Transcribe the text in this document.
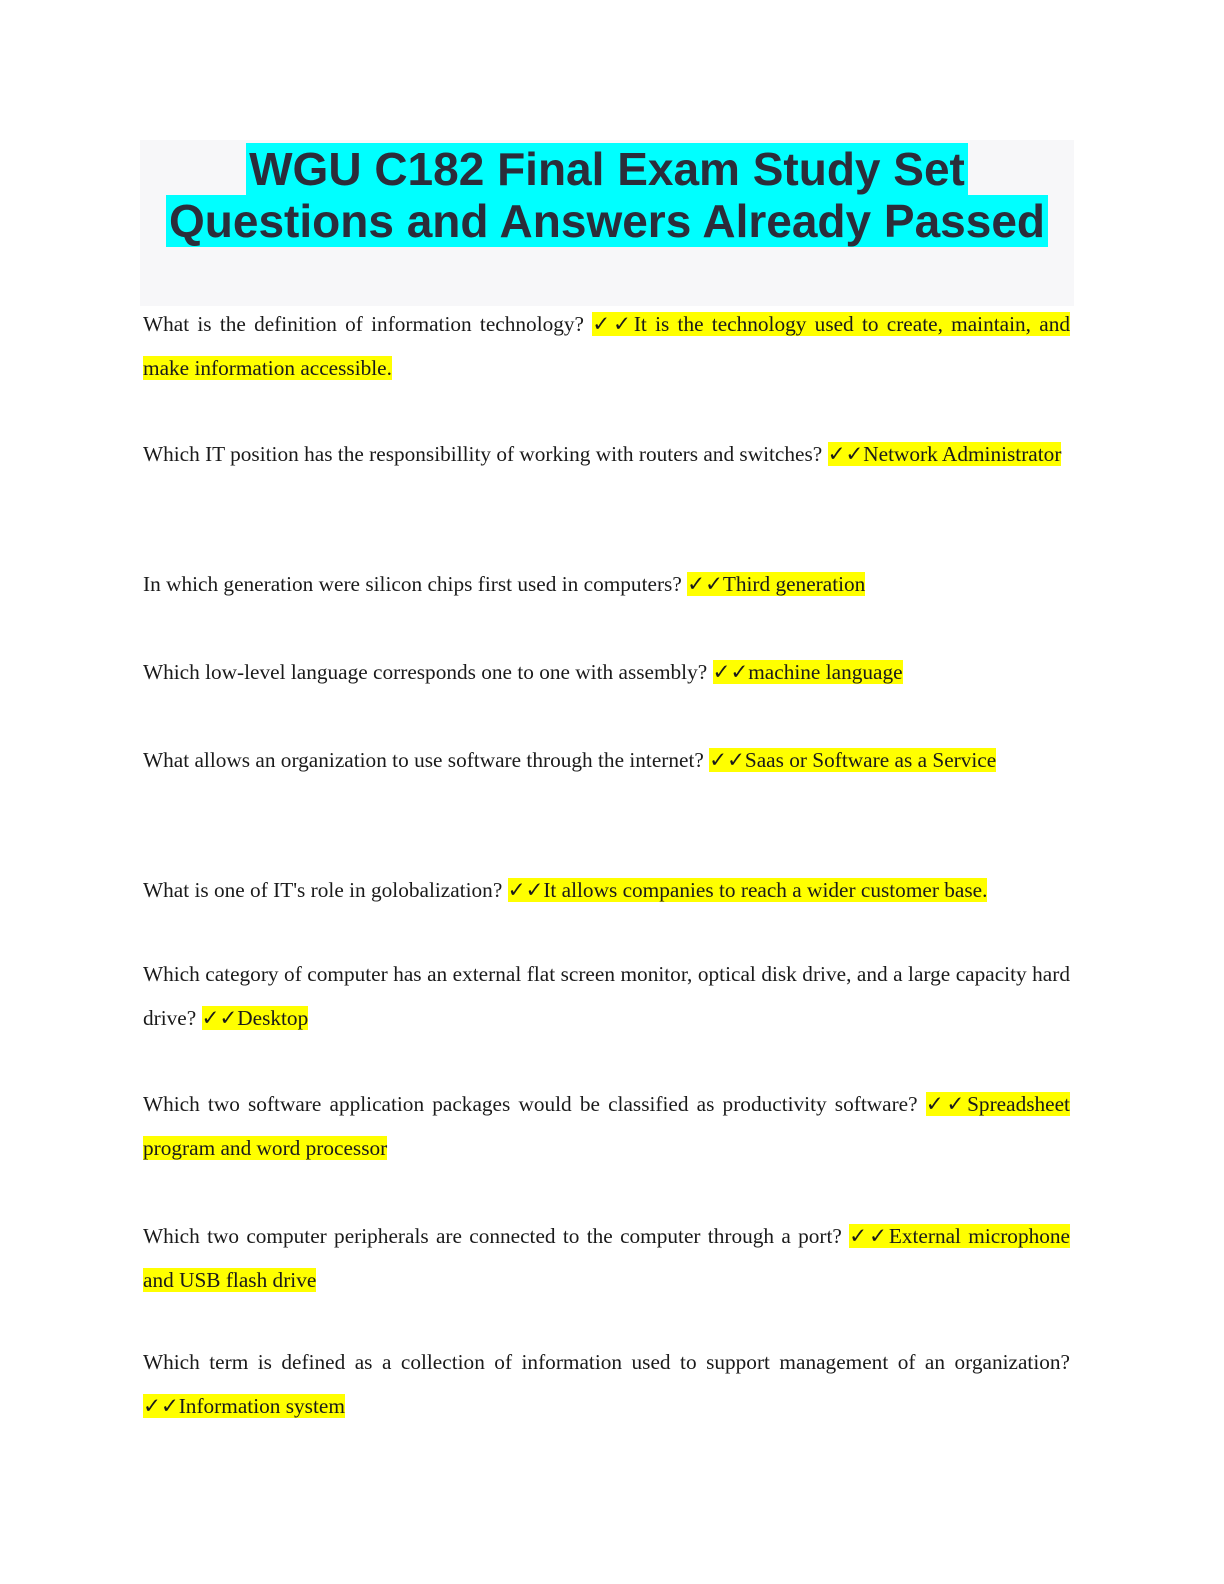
WGU C182 Final Exam Study Set
Questions and Answers Already Passed

What is the definition of information technology? ✓✓It is the technology used to create, maintain, and make information accessible.

Which IT position has the responsibillity of working with routers and switches? ✓✓Network Administrator

In which generation were silicon chips first used in computers? ✓✓Third generation

Which low-level language corresponds one to one with assembly? ✓✓machine language

What allows an organization to use software through the internet? ✓✓Saas or Software as a Service

What is one of IT's role in golobalization? ✓✓It allows companies to reach a wider customer base.

Which category of computer has an external flat screen monitor, optical disk drive, and a large capacity hard drive? ✓✓Desktop

Which two software application packages would be classified as productivity software? ✓✓Spreadsheet program and word processor

Which two computer peripherals are connected to the computer through a port? ✓✓External microphone and USB flash drive

Which term is defined as a collection of information used to support management of an organization? ✓✓Information system
